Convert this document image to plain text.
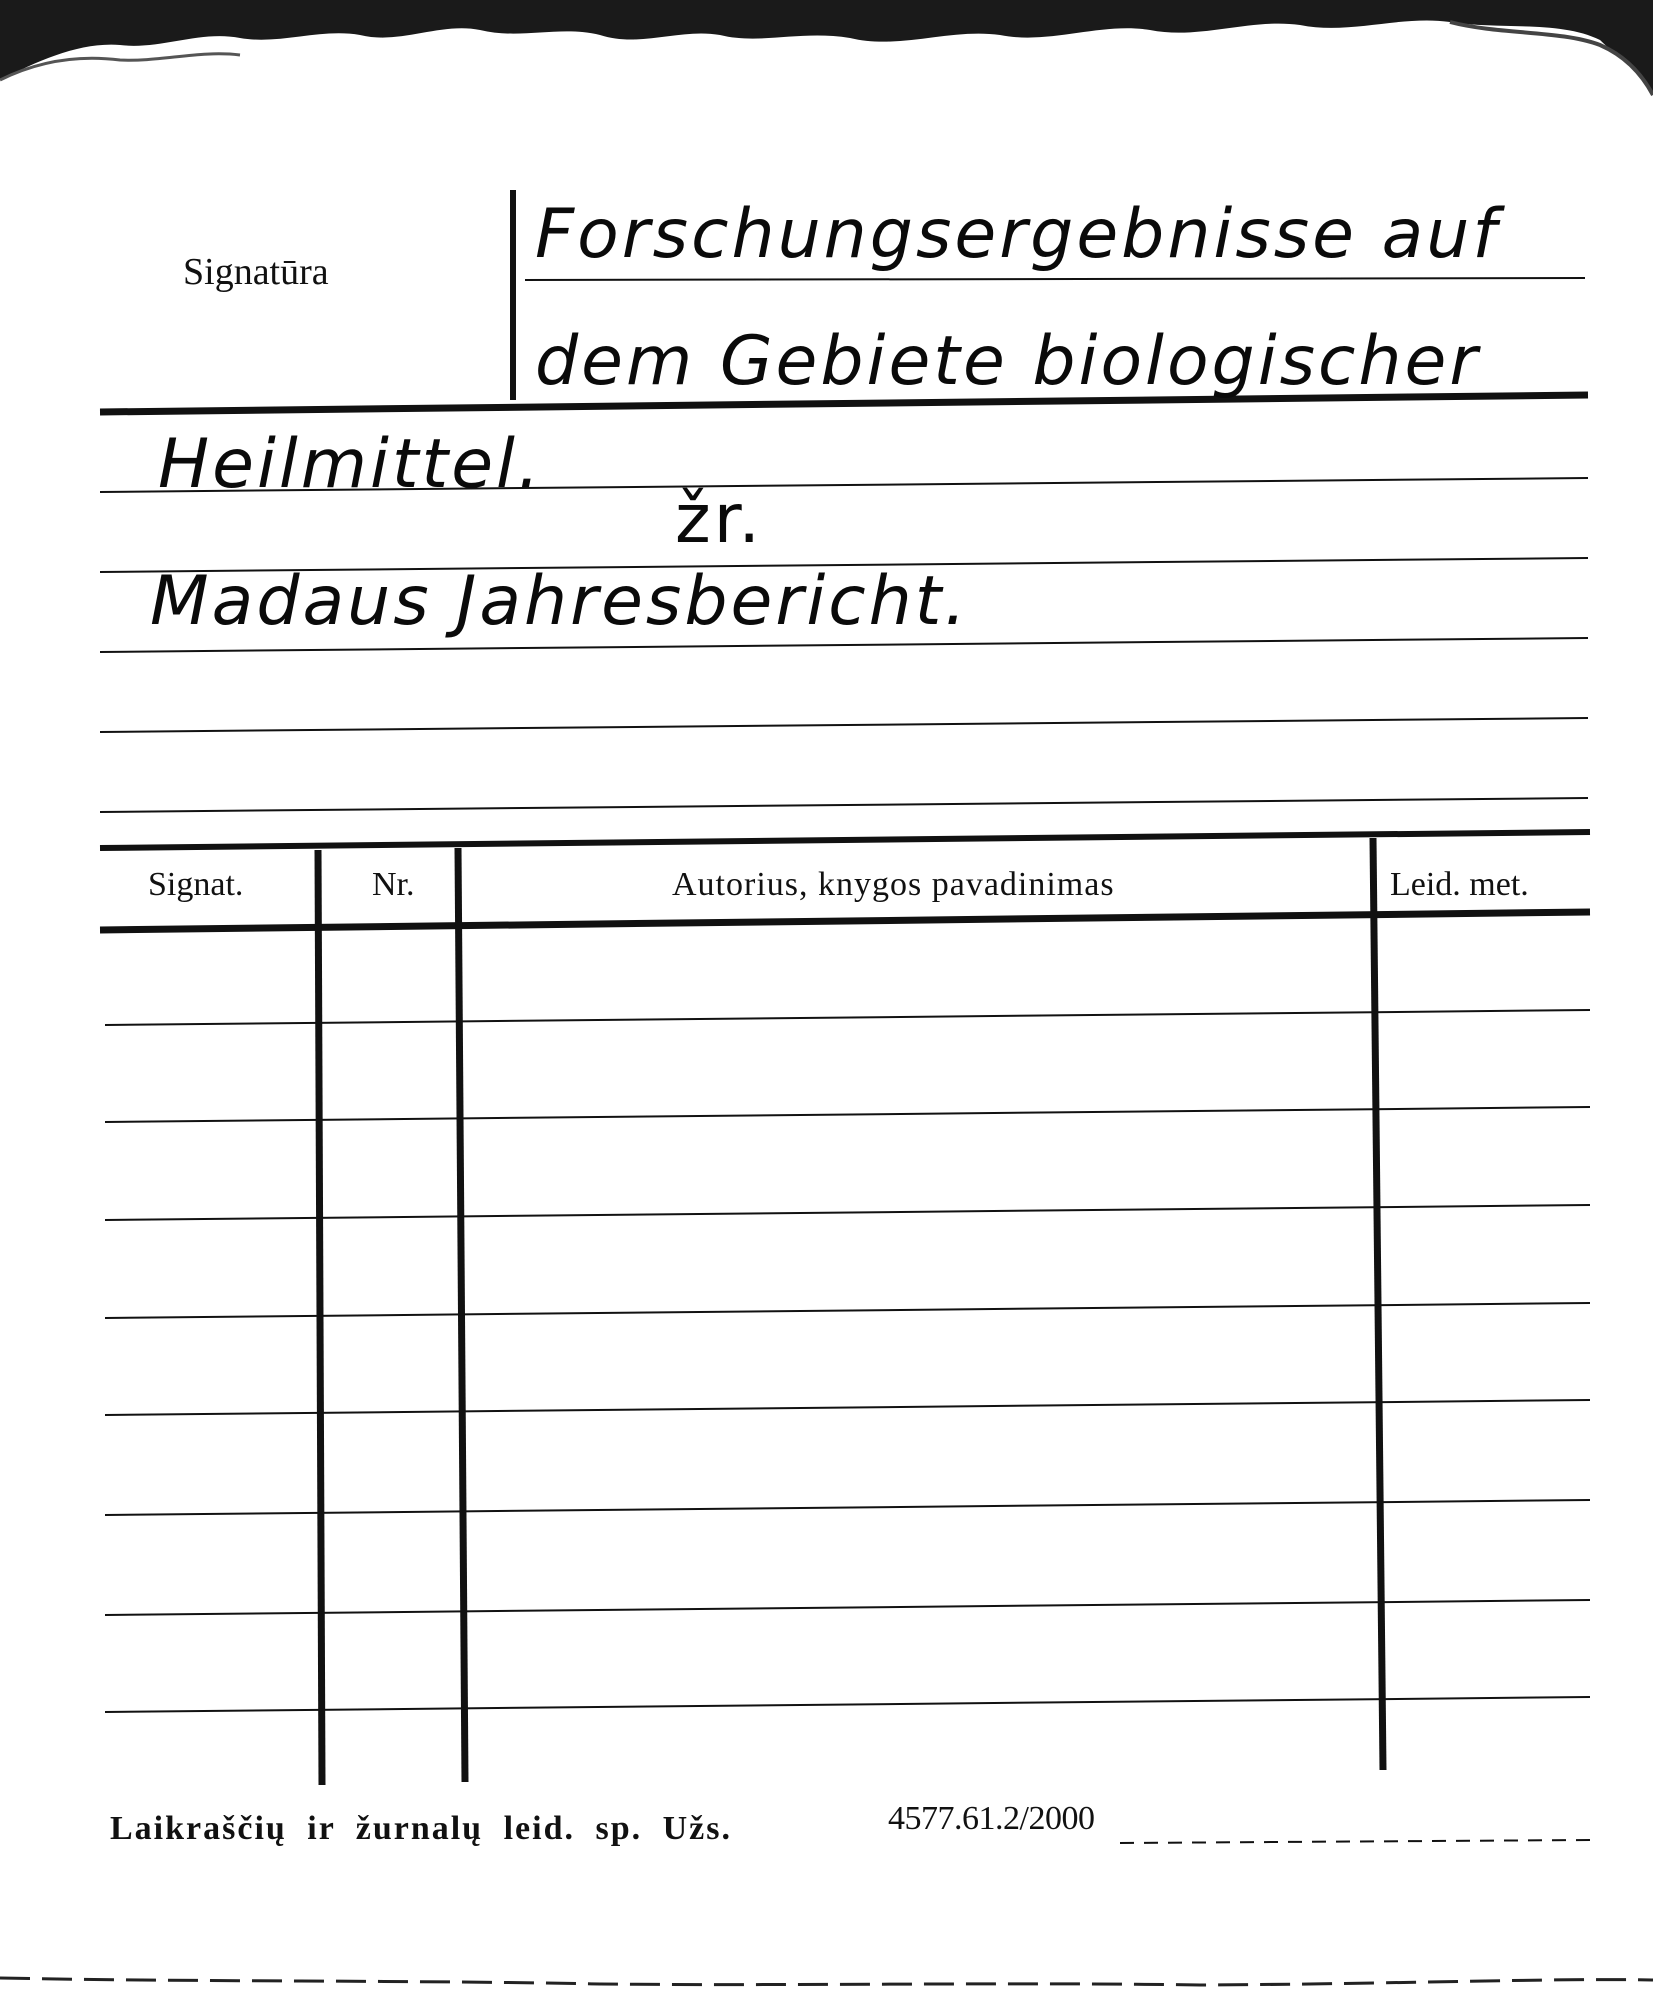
Signatūra	Forschungsergebnisse auf
dem Gebiete biologischer
Heilmittel.
žr.
Madaus Jahresbericht.
Signat.	Nr.	Autorius, knygos pavadinimas	Leid. met.
Laikraščių ir žurnalų leid. sp. Užs.	4577.61.2/2000
